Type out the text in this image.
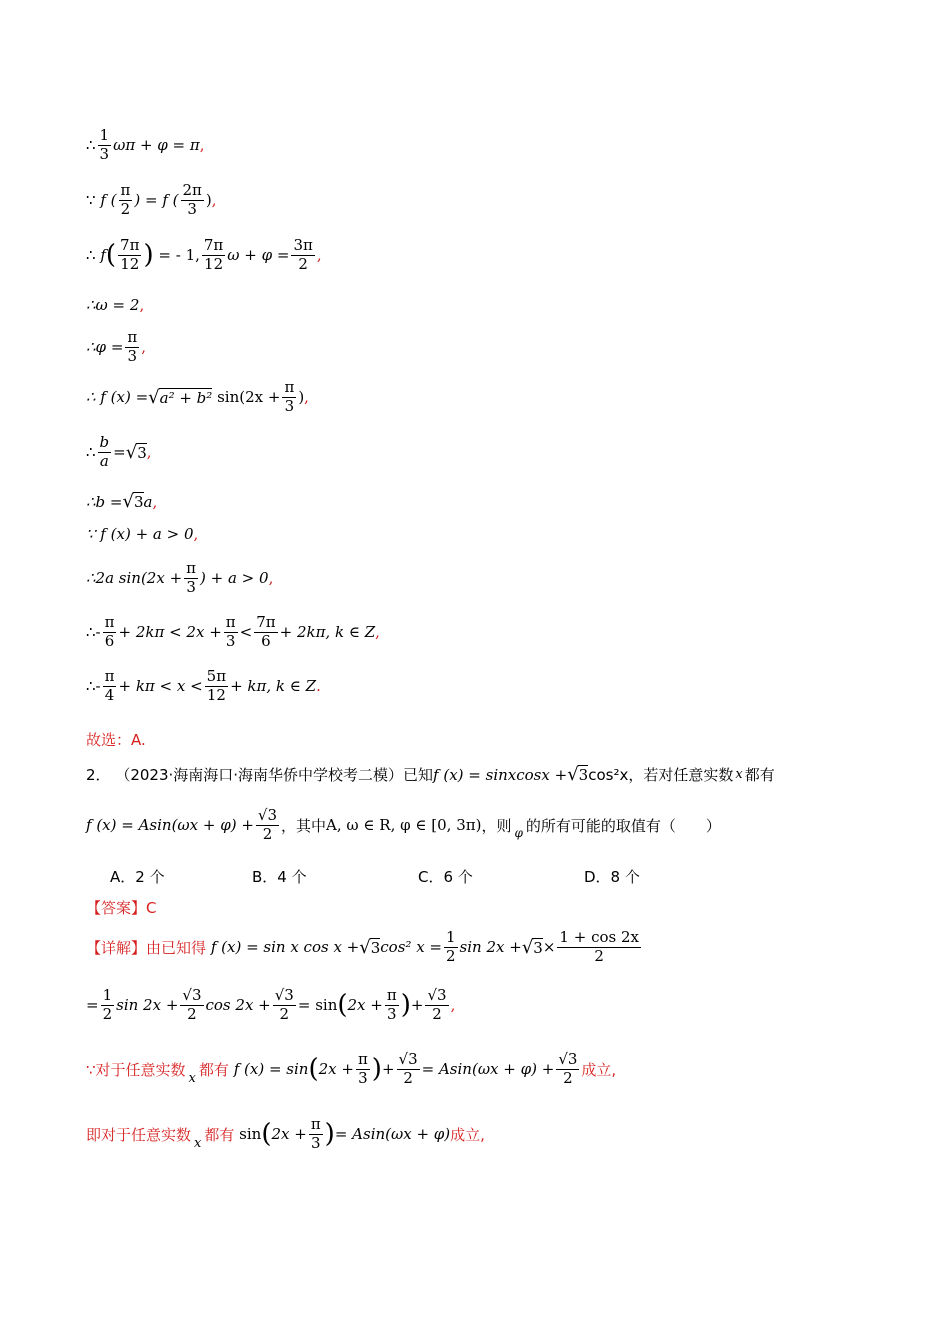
∴ $\frac{1}{3}$ ωπ + φ = π ,
∵
f ( $\frac{\pi}{2}$ ) = f ( $\frac{2\pi}{3}$ ) ,
∴
f ( $\frac{7\pi}{12}$ )
= - 1, $\frac{7\pi}{12}$ $\omega + \varphi = \frac{3\pi}{2}$ ,
∴ω = 2 ,
∴φ = $\frac{\pi}{3}$ ,
∴ f (x) = √ a² + b²
$\sin(2x + \frac{\pi}{3}$ ) ,
∴ $\frac{b}{a}$ = √ 3 ,
∴b = √ 3 a ,
∵ f (x) + a > 0 ,
∴2a $\sin(2x + \frac{\pi}{3}$ ) + a > 0 ,
∴- $\frac{\pi}{6} + 2k\pi < 2x + \frac{\pi}{3} < \frac{7\pi}{6} + 2k\pi$, k ∈ Z ,
∴- $\frac{\pi}{4} + k\pi < x < \frac{5\pi}{12} + k\pi$, k ∈ Z .
故选：A.
2．
（2023·海南海口·海南华侨中学校考二模）已知 f (x) = sinxcosx + √ 3 cos²x，若对任意实数 x 都有
f $(x) = Asin(\omega x + \varphi) + \frac{√3}{2}$ ，其中 A, ω ∈ R, φ ∈ [0, 3π) ，则 φ 的所有可能的取值有（　　）
A．2 个	B．4 个	C．6 个	D．8 个
【答案】 C
【详解】 由已知得
f (x) = sin x cos x + √ 3 cos² $x = \frac{1}{2}$ sin 2x + √ $3 \times \frac{1 + \cos 2x}{2}$
= $\frac{1}{2}$ $\sin 2x + \frac{√3}{2}$ $\cos 2x + \frac{√3}{2} = \sin$ ( $2x + \frac{\pi}{3}$ ) + $\frac{√3}{2}$ ,
∵对于任意实数 x 都有
f (x) = sin ( $2x + \frac{\pi}{3}$ ) + $\frac{√3}{2} = Asin(\omega x + \varphi) + \frac{√3}{2}$ 成立,
即对于任意实数 x 都有
sin ( $2x + \frac{\pi}{3}$ ) = Asin(ωx + φ) 成立,
